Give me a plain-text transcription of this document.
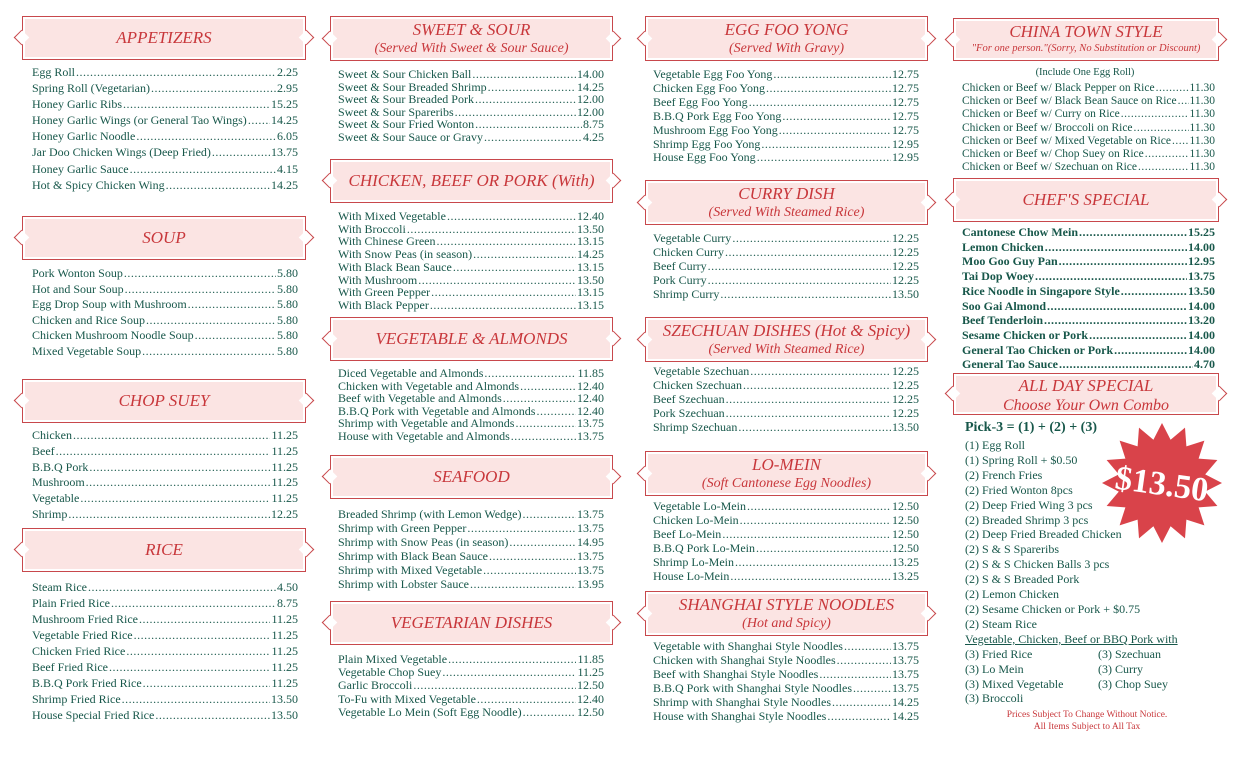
APPETIZERS
Egg Roll .....	2.25
Spring Roll (Vegetarian) .....	2.95
Honey Garlic Ribs .....	15.25
Honey Garlic Wings (or General Tao Wings) ..... 14.25
Honey Garlic Noodle .....	6.05
Jar Doo Chicken Wings (Deep Fried) .....	13.75
Honey Garlic Sauce .....	4.15
Hot & Spicy Chicken Wing .....	14.25
SOUP
Pork Wonton Soup .....	5.80
Hot and Sour Soup .....	5.80
Egg Drop Soup with Mushroom .....	5.80
Chicken and Rice Soup .....	5.80
Chicken Mushroom Noodle Soup .....	5.80
Mixed Vegetable Soup .....	5.80
CHOP SUEY
Chicken .....	11.25
Beef .....	11.25
B.B.Q Pork .....	11.25
Mushroom .....	11.25
Vegetable .....	11.25
Shrimp .....	12.25
RICE
Steam Rice .....	4.50
Plain Fried Rice .....	8.75
Mushroom Fried Rice .....	11.25
Vegetable Fried Rice .....	11.25
Chicken Fried Rice .....	11.25
Beef Fried Rice .....	11.25
B.B.Q Pork Fried Rice .....	11.25
Shrimp Fried Rice .....	13.50
House Special Fried Rice .....	13.50
SWEET & SOUR
(Served With Sweet & Sour Sauce)
Sweet & Sour Chicken Ball .....	14.00
Sweet & Sour Breaded Shrimp .....	14.25
Sweet & Sour Breaded Pork .....	12.00
Sweet & Sour Spareribs .....	12.00
Sweet & Sour Fried Wonton .....	8.75
Sweet & Sour Sauce or Gravy .....	4.25
CHICKEN, BEEF OR PORK (With)
With Mixed Vegetable .....	12.40
With Broccoli .....	13.50
With Chinese Green .....	13.15
With Snow Peas (in season) .....	14.25
With Black Bean Sauce .....	13.15
With Mushroom .....	13.50
With Green Pepper .....	13.15
With Black Pepper .....	13.15
VEGETABLE & ALMONDS
Diced Vegetable and Almonds .....	11.85
Chicken with Vegetable and Almonds .....	12.40
Beef with Vegetable and Almonds .....	12.40
B.B.Q Pork with Vegetable and Almonds .....	12.40
Shrimp with Vegetable and Almonds .....	13.75
House with Vegetable and Almonds .....	13.75
SEAFOOD
Breaded Shrimp (with Lemon Wedge) .....	13.75
Shrimp with Green Pepper .....	13.75
Shrimp with Snow Peas (in season) .....	14.95
Shrimp with Black Bean Sauce .....	13.75
Shrimp with Mixed Vegetable .....	13.75
Shrimp with Lobster Sauce .....	13.95
VEGETARIAN DISHES
Plain Mixed Vegetable .....	11.85
Vegetable Chop Suey .....	11.25
Garlic Broccoli .....	12.50
To-Fu with Mixed Vegetable .....	12.40
Vegetable Lo Mein (Soft Egg Noodle) .....	12.50
EGG FOO YONG
(Served With Gravy)
Vegetable Egg Foo Yong .....	12.75
Chicken Egg Foo Yong .....	12.75
Beef Egg Foo Yong .....	12.75
B.B.Q Pork Egg Foo Yong .....	12.75
Mushroom Egg Foo Yong .....	12.75
Shrimp Egg Foo Yong .....	12.95
House Egg Foo Yong .....	12.95
CURRY DISH
(Served With Steamed Rice)
Vegetable Curry .....	12.25
Chicken Curry .....	12.25
Beef Curry .....	12.25
Pork Curry .....	12.25
Shrimp Curry .....	13.50
SZECHUAN DISHES (Hot & Spicy)
(Served With Steamed Rice)
Vegetable Szechuan .....	12.25
Chicken Szechuan .....	12.25
Beef Szechuan .....	12.25
Pork Szechuan .....	12.25
Shrimp Szechuan .....	13.50
LO-MEIN
(Soft Cantonese Egg Noodles)
Vegetable Lo-Mein .....	12.50
Chicken Lo-Mein .....	12.50
Beef Lo-Mein .....	12.50
B.B.Q Pork Lo-Mein .....	12.50
Shrimp Lo-Mein .....	13.25
House Lo-Mein .....	13.25
SHANGHAI STYLE NOODLES
(Hot and Spicy)
Vegetable with Shanghai Style Noodles .....	13.75
Chicken with Shanghai Style Noodles .....	13.75
Beef with Shanghai Style Noodles .....	13.75
B.B.Q Pork with Shanghai Style Noodles .....	13.75
Shrimp with Shanghai Style Noodles .....	14.25
House with Shanghai Style Noodles .....	14.25
CHINA TOWN STYLE
"For one person."(Sorry, No Substitution or Discount)
(Include One Egg Roll)
Chicken or Beef w/ Black Pepper on Rice .....	11.30
Chicken or Beef w/ Black Bean Sauce on Rice ..... 11.30
Chicken or Beef w/ Curry on Rice .....	11.30
Chicken or Beef w/ Broccoli on Rice .....	11.30
Chicken or Beef w/ Mixed Vegetable on Rice ..... 11.30
Chicken or Beef w/ Chop Suey on Rice .....	11.30
Chicken or Beef w/ Szechuan on Rice .....	11.30
CHEF'S SPECIAL
Cantonese Chow Mein .....	15.25
Lemon Chicken .....	14.00
Moo Goo Guy Pan .....	12.95
Tai Dop Woey .....	13.75
Rice Noodle in Singapore Style .....	13.50
Soo Gai Almond .....	14.00
Beef Tenderloin .....	13.20
Sesame Chicken or Pork .....	14.00
General Tao Chicken or Pork .....	14.00
General Tao Sauce .....	4.70
ALL DAY SPECIAL
Choose Your Own Combo
Pick-3 = (1) + (2) + (3)
(1) Egg Roll
(1) Spring Roll + $0.50
(2) French Fries
(2) Fried Wonton 8pcs
(2) Deep Fried Wing 3 pcs
(2) Breaded Shrimp 3 pcs
(2) Deep Fried Breaded Chicken
(2) S & S Spareribs
(2) S & S Chicken Balls 3 pcs
(2) S & S Breaded Pork
(2) Lemon Chicken
(2) Sesame Chicken or Pork + $0.75
(2) Steam Rice
Vegetable, Chicken, Beef or BBQ Pork with
(3) Fried Rice	(3) Szechuan
(3) Lo Mein	(3) Curry
(3) Mixed Vegetable	(3) Chop Suey
(3) Broccoli
$13.50
Prices Subject To Change Without Notice.
All Items Subject to All Tax
